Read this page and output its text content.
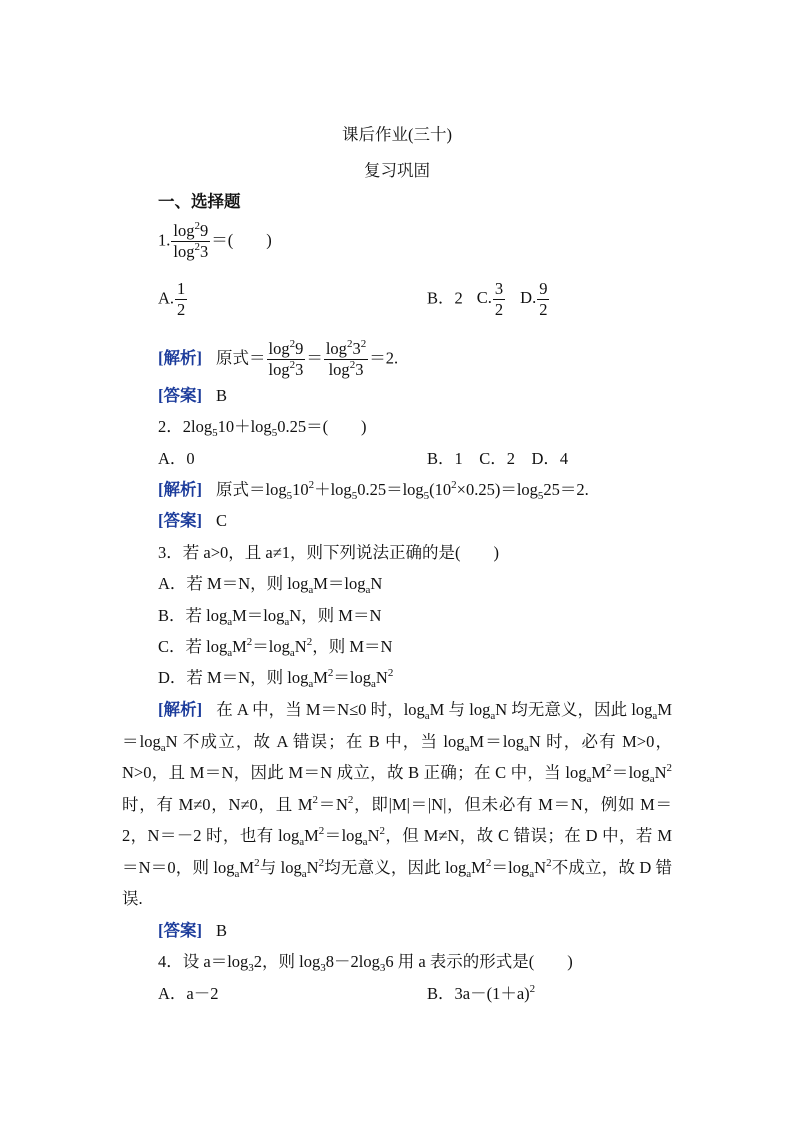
课后作业(三十)
复习巩固
一、选择题
1. $\frac{\log^29}{\log^23}$ ＝(　　)
A. $\frac{1}{2}$	B．2 C. $\frac{3}{2} D$. $\frac{9}{2}$
[解析] 原式＝ $\frac{\log^29}{\log^23} = \frac{\log^23^2}{\log^23} =2$.
[答案] B
2．$2\log_510+\log_50.25=$(　　)
A．0	B．1　C．2　D．4
[解析] 原式$=\log_510^2+\log_50.25=\log_5(10^2\times 0.25)=\log_525=2$.
[答案] C
3．若 a>0，且 a≠1，则下列说法正确的是(　　)
A．若 M＝N，则 $\log_aM=\log_aN$
B．若 $\log_aM=\log_aN$，则 M＝N
C．若 $\log_aM^2=\log_aN^2$，则 M＝N
D．若 M＝N，则 $\log_aM^2=\log_aN^2$
[解析] 在 A 中，当 M＝N≤0 时，$\log_aM$ 与 $\log_aN$ 均无意义，因此 $\log_aM=\log_aN$ 不成立，故 A 错误；在 B 中，当 $\log_aM=\log_aN$ 时，必有 M>0，N>0，且 M＝N，因此 M＝N 成立，故 B 正确；在 C 中，当 $\log_aM^2=\log_aN^2$时，有 M≠0，N≠0，且 $M^2=N^2$，即|M|＝|N|，但未必有 M＝N，例如 M＝2，N＝－2 时，也有 $\log_aM^2=\log_aN^2$，但 M≠N，故 C 错误；在 D 中，若 M＝N＝0，则 $\log_aM^2$与 $\log_aN^2$均无意义，因此 $\log_aM^2=\log_aN^2$不成立，故 D 错误.
[答案] B
4．设 $a=\log_32$，则 $\log_38-2\log_36$ 用 a 表示的形式是(　　)
A．a－2	B．$3a-(1+a)^2$
